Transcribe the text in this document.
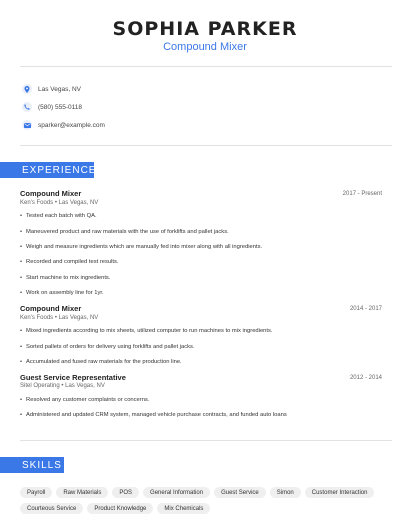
SOPHIA PARKER
Compound Mixer
Las Vegas, NV
(580) 555-0118
sparker@example.com
EXPERIENCE
Compound Mixer	2017 - Present
Ken's Foods • Las Vegas, NV
• Tested each batch with QA.
• Maneuvered product and raw materials with the use of forklifts and pallet jacks.
• Weigh and measure ingredients which are manually fed into mixer along with all ingredients.
• Recorded and compiled test results.
• Start machine to mix ingredients.
• Work on assembly line for 1yr.
Compound Mixer	2014 - 2017
Ken's Foods • Las Vegas, NV
• Mixed ingredients according to mix sheets, utilized computer to run machines to mix ingredients.
• Sorted pallets of orders for delivery using forklifts and pallet jacks.
• Accumulated and fused raw materials for the production line.
Guest Service Representative	2012 - 2014
Sitel Operating • Las Vegas, NV
• Resolved any customer complaints or concerns.
• Administered and updated CRM system, managed vehicle purchase contracts, and funded auto loans
SKILLS
Payroll	Raw Materials	POS	General Information	Guest Service	Simon	Customer Interaction
Courteous Service	Product Knowledge	Mix Chemicals
